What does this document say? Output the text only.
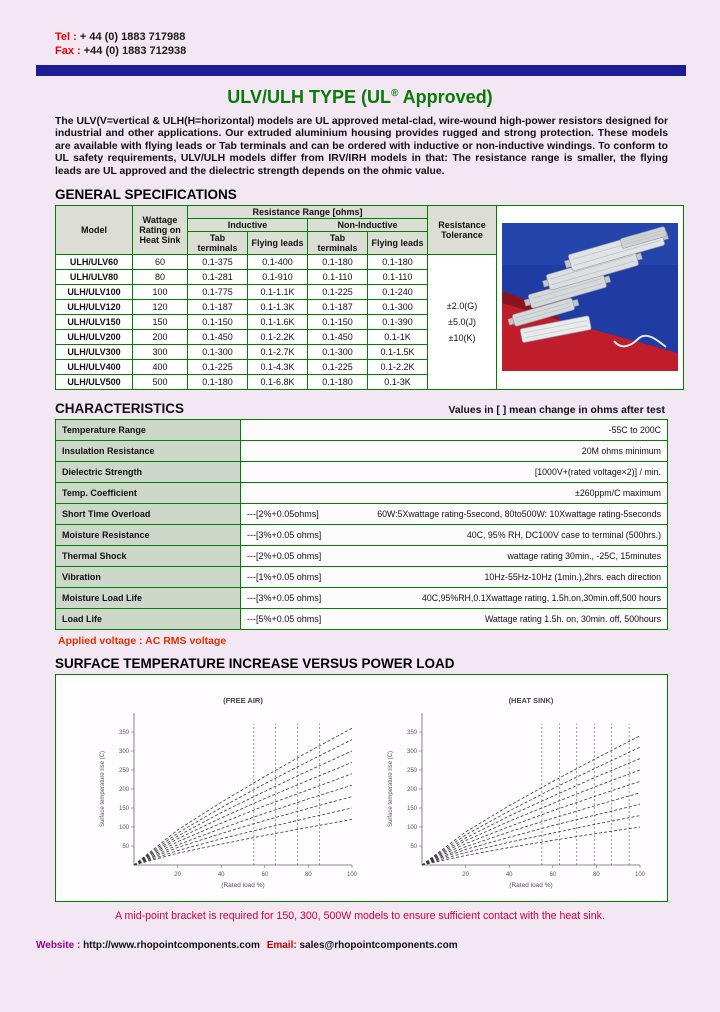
Tel : + 44 (0) 1883 717988
Fax : +44 (0) 1883 712938
ULV/ULH TYPE (UL® Approved)

The ULV(V=vertical & ULH(H=horizontal) models are UL approved metal-clad, wire-wound high-power resistors designed for industrial and other applications. Our extruded aluminium housing provides rugged and strong protection. These models are available with flying leads or Tab terminals and can be ordered with inductive or non-inductive windings. To conform to UL safety requirements, ULV/ULH models differ from IRV/IRH models in that: The resistance range is smaller, the flying leads are UL approved and the dielectric strength depends on the ohmic value.

GENERAL SPECIFICATIONS
Model	Wattage Rating on Heat Sink	Resistance Range [ohms]				Resistance Tolerance	
		Inductive		Non-Inductive			
		Tab terminals	Flying leads	Tab terminals	Flying leads		
ULH/ULV60	60	0.1-375	0.1-400	0.1-180	0.1-180	±2.0(G)
±5.0(J)
±10(K)	
ULH/ULV80	80	0.1-281	0.1-910	0.1-110	0.1-110		
ULH/ULV100	100	0.1-775	0.1-1.1K	0.1-225	0.1-240		
ULH/ULV120	120	0.1-187	0.1-1.3K	0.1-187	0.1-300		
ULH/ULV150	150	0.1-150	0.1-1.6K	0.1-150	0.1-390		
ULH/ULV200	200	0.1-450	0.1-2.2K	0.1-450	0.1-1K		
ULH/ULV300	300	0.1-300	0.1-2.7K	0.1-300	0.1-1.5K		
ULH/ULV400	400	0.1-225	0.1-4.3K	0.1-225	0.1-2.2K		
ULH/ULV500	500	0.1-180	0.1-6.8K	0.1-180	0.1-3K		
CHARACTERISTICS	Values in [ ] mean change in ohms after test
Temperature Range	-55C to 200C

Insulation Resistance	20M ohms minimum

Dielectric Strength	[1000V+(rated voltage×2)] / min.

Temp. Coefficient	±260ppm/C maximum

Short Time Overload	---[2%+0.05ohms] 60W:5Xwattage rating-5second, 80to500W: 10Xwattage rating-5seconds

Moisture Resistance	---[3%+0.05 ohms] 40C, 95% RH, DC100V case to terminal (500hrs.)

Thermal Shock	---[2%+0.05 ohms] wattage rating 30min., -25C, 15minutes

Vibration	---[1%+0.05 ohms] 10Hz-55Hz-10Hz (1min.),2hrs. each direction

Moisture Load Life	---[3%+0.05 ohms] 40C,95%RH,0.1Xwattage rating, 1.5h.on,30min.off,500 hours

Load Life	---[5%+0.05 ohms] Wattage rating 1.5h. on, 30min. off, 500hours
Applied voltage : AC RMS voltage
SURFACE TEMPERATURE INCREASE VERSUS POWER LOAD
50
100
150
200
250
300
350
20	40	60	80	100
(FREE AIR)
(Rated load %)
Surface temperature rise (C)
50
100
150
200
250
300
350
20	40	60	80	100
(HEAT SINK)
(Rated load %)
Surface temperature rise (C)
A mid-point bracket is required for 150, 300, 500W models to ensure sufficient contact with the heat sink.
Website : http://www.rhopointcomponents.com Email: sales@rhopointcomponents.com
